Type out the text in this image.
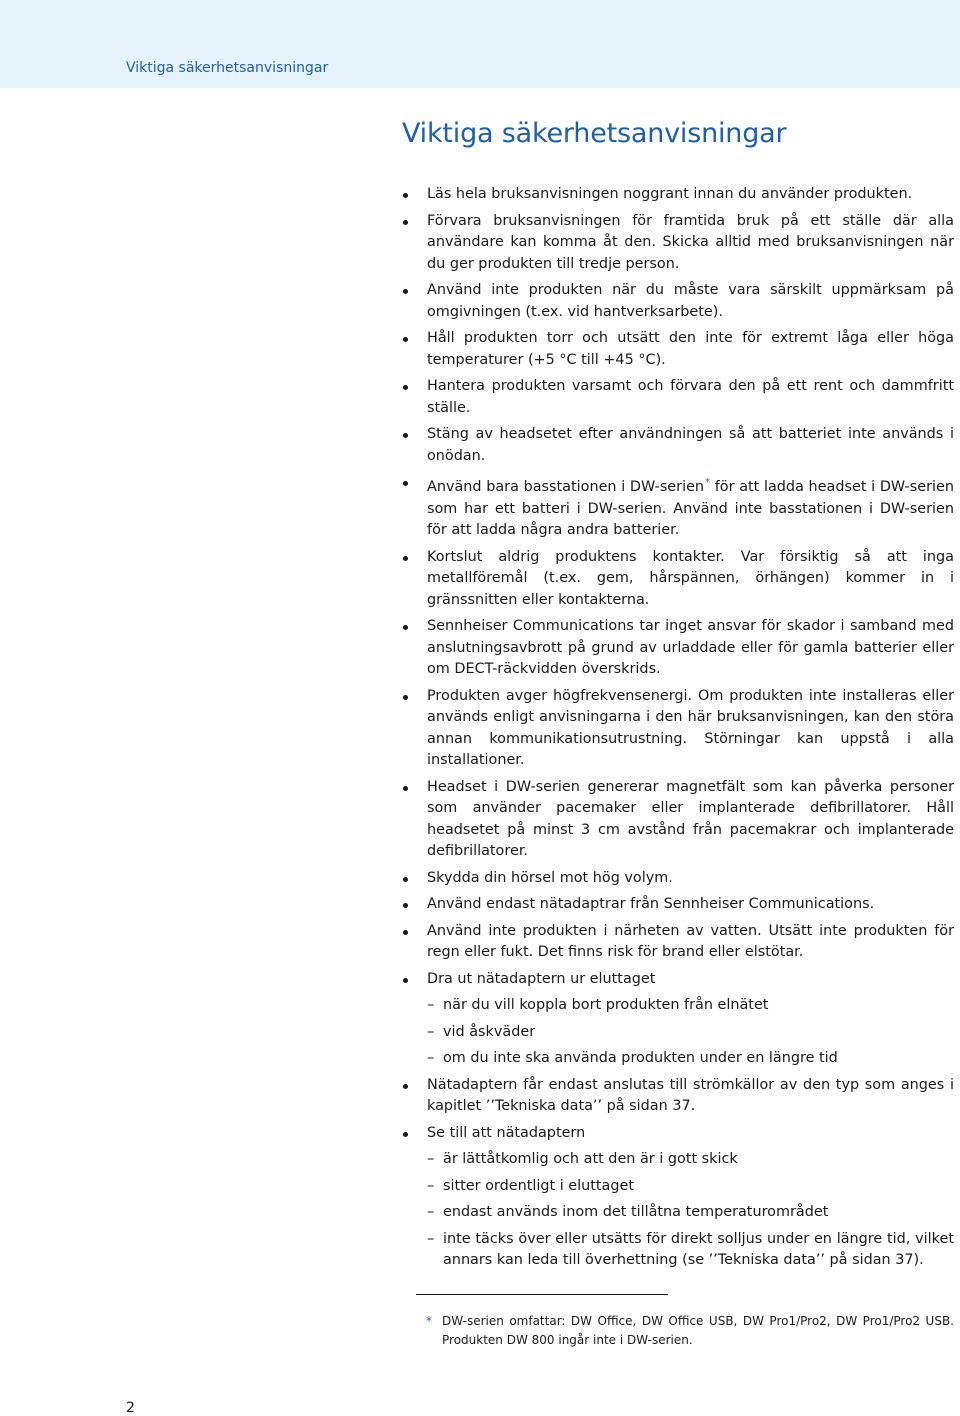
Viktiga säkerhetsanvisningar
Viktiga säkerhetsanvisningar
Läs hela bruksanvisningen noggrant innan du använder produkten.
Förvara bruksanvisningen för framtida bruk på ett ställe där alla användare kan komma åt den. Skicka alltid med bruksanvisningen när du ger produkten till tredje person.
Använd inte produkten när du måste vara särskilt uppmärksam på omgivningen (t.ex. vid hantverksarbete).
Håll produkten torr och utsätt den inte för extremt låga eller höga temperaturer (+5 °C till +45 °C).
Hantera produkten varsamt och förvara den på ett rent och dammfritt ställe.
Stäng av headsetet efter användningen så att batteriet inte används i onödan.
Använd bara basstationen i DW-serien* för att ladda headset i DW-serien som har ett batteri i DW-serien. Använd inte basstationen i DW-serien för att ladda några andra batterier.
Kortslut aldrig produktens kontakter. Var försiktig så att inga metallföremål (t.ex. gem, hårspännen, örhängen) kommer in i gränssnitten eller kontakterna.
Sennheiser Communications tar inget ansvar för skador i samband med anslutningsavbrott på grund av urladdade eller för gamla batterier eller om DECT-räckvidden överskrids.
Produkten avger högfrekvensenergi. Om produkten inte installeras eller används enligt anvisningarna i den här bruksanvisningen, kan den störa annan kommunikationsutrustning. Störningar kan uppstå i alla installationer.
Headset i DW-serien genererar magnetfält som kan påverka personer som använder pacemaker eller implanterade defibrillatorer. Håll headsetet på minst 3 cm avstånd från pacemakrar och implanterade defibrillatorer.
Skydda din hörsel mot hög volym.
Använd endast nätadaptrar från Sennheiser Communications.
Använd inte produkten i närheten av vatten. Utsätt inte produkten för regn eller fukt. Det finns risk för brand eller elstötar.
Dra ut nätadaptern ur eluttaget
– när du vill koppla bort produkten från elnätet
– vid åskväder
– om du inte ska använda produkten under en längre tid
Nätadaptern får endast anslutas till strömkällor av den typ som anges i kapitlet ’’Tekniska data’’ på sidan 37.
Se till att nätadaptern
– är lättåtkomlig och att den är i gott skick
– sitter ordentligt i eluttaget
– endast används inom det tillåtna temperaturområdet
– inte täcks över eller utsätts för direkt solljus under en längre tid, vilket annars kan leda till överhettning (se ’’Tekniska data’’ på sidan 37).
* DW-serien omfattar: DW Office, DW Office USB, DW Pro1/Pro2, DW Pro1/Pro2 USB. Produkten DW 800 ingår inte i DW-serien.
2
